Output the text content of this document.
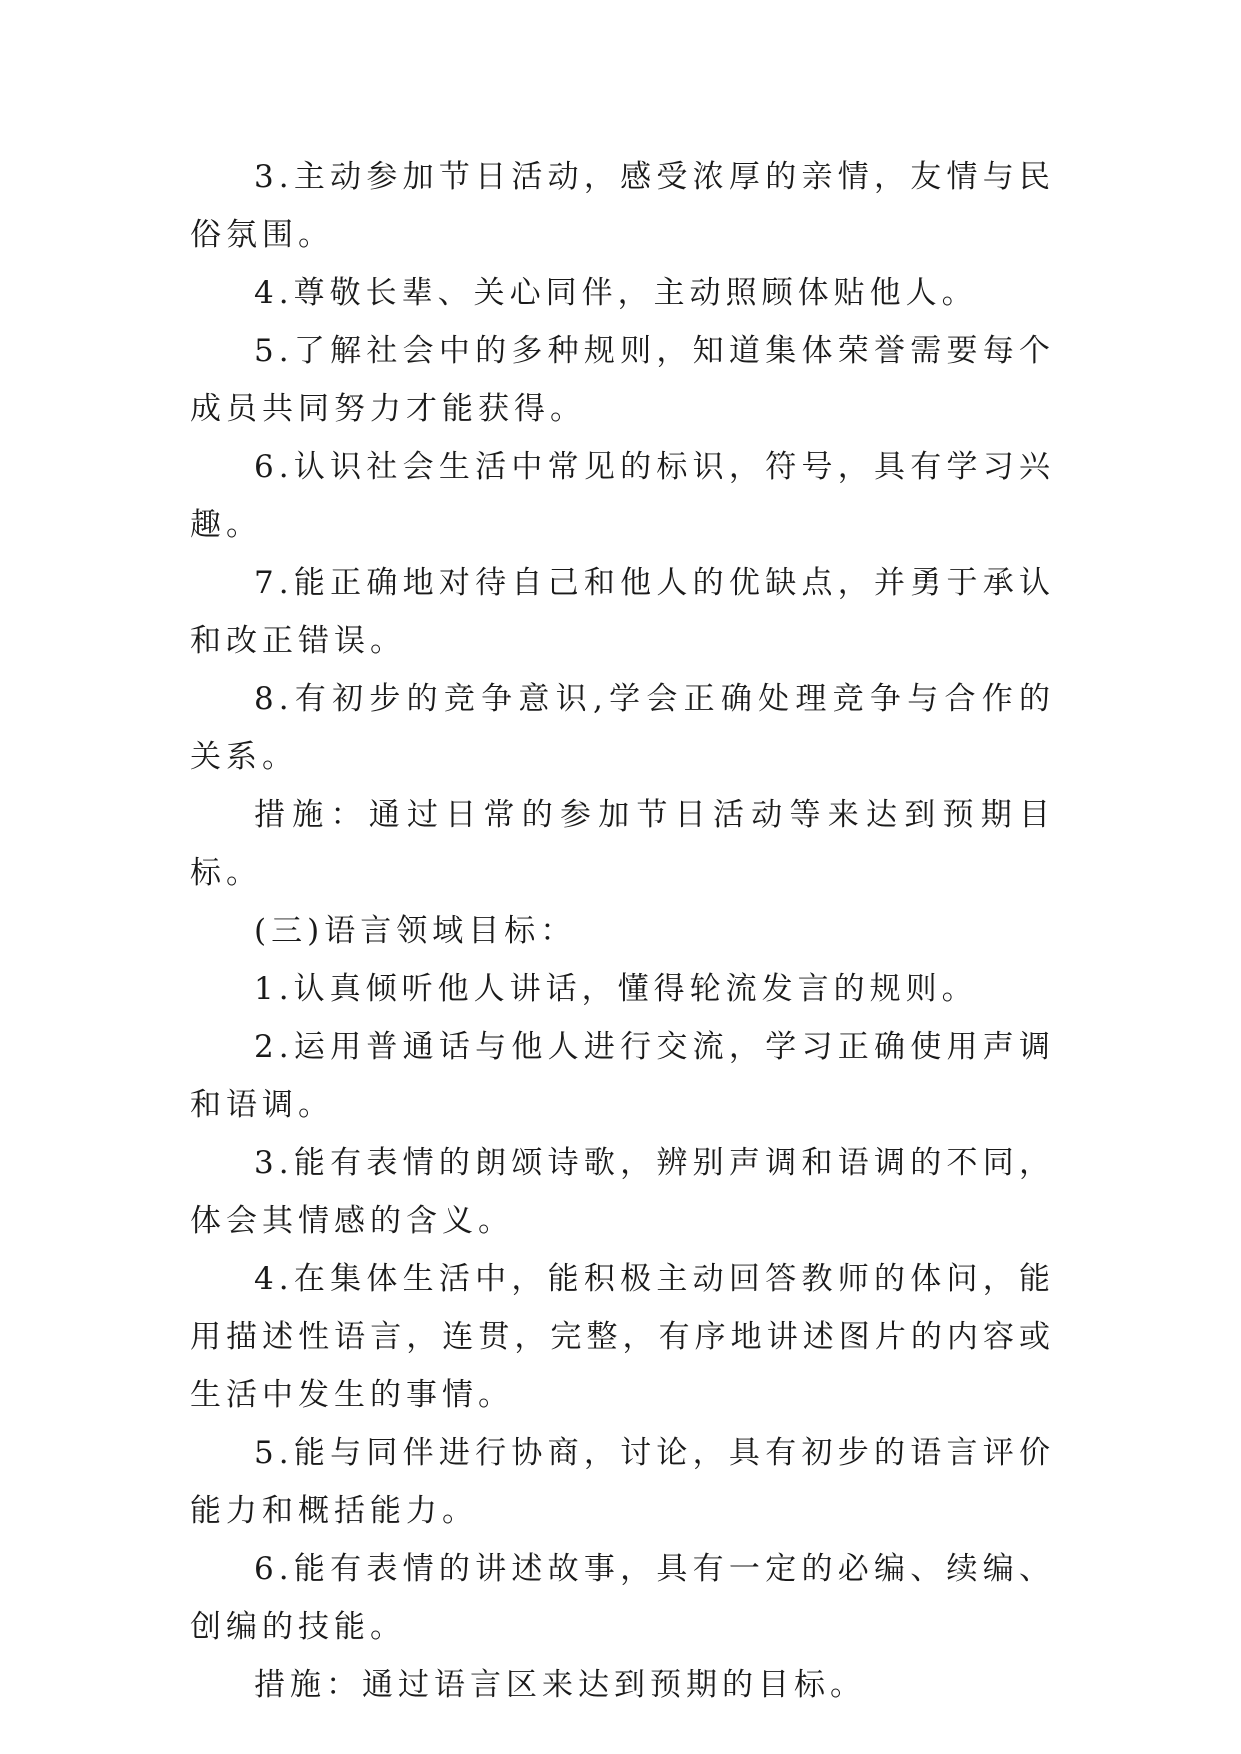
3.主动参加节日活动，感受浓厚的亲情，友情与民俗氛围。

4.尊敬长辈、关心同伴，主动照顾体贴他人。

5.了解社会中的多种规则，知道集体荣誉需要每个成员共同努力才能获得。

6.认识社会生活中常见的标识，符号，具有学习兴趣。

7.能正确地对待自己和他人的优缺点，并勇于承认和改正错误。

8.有初步的竞争意识,学会正确处理竞争与合作的关系。

措施：通过日常的参加节日活动等来达到预期目标。

(三)语言领域目标：

1.认真倾听他人讲话，懂得轮流发言的规则。

2.运用普通话与他人进行交流，学习正确使用声调和语调。

3.能有表情的朗颂诗歌，辨别声调和语调的不同，体会其情感的含义。

4.在集体生活中，能积极主动回答教师的体问，能用描述性语言，连贯，完整，有序地讲述图片的内容或生活中发生的事情。

5.能与同伴进行协商，讨论，具有初步的语言评价能力和概括能力。

6.能有表情的讲述故事，具有一定的必编、续编、创编的技能。

措施：通过语言区来达到预期的目标。
